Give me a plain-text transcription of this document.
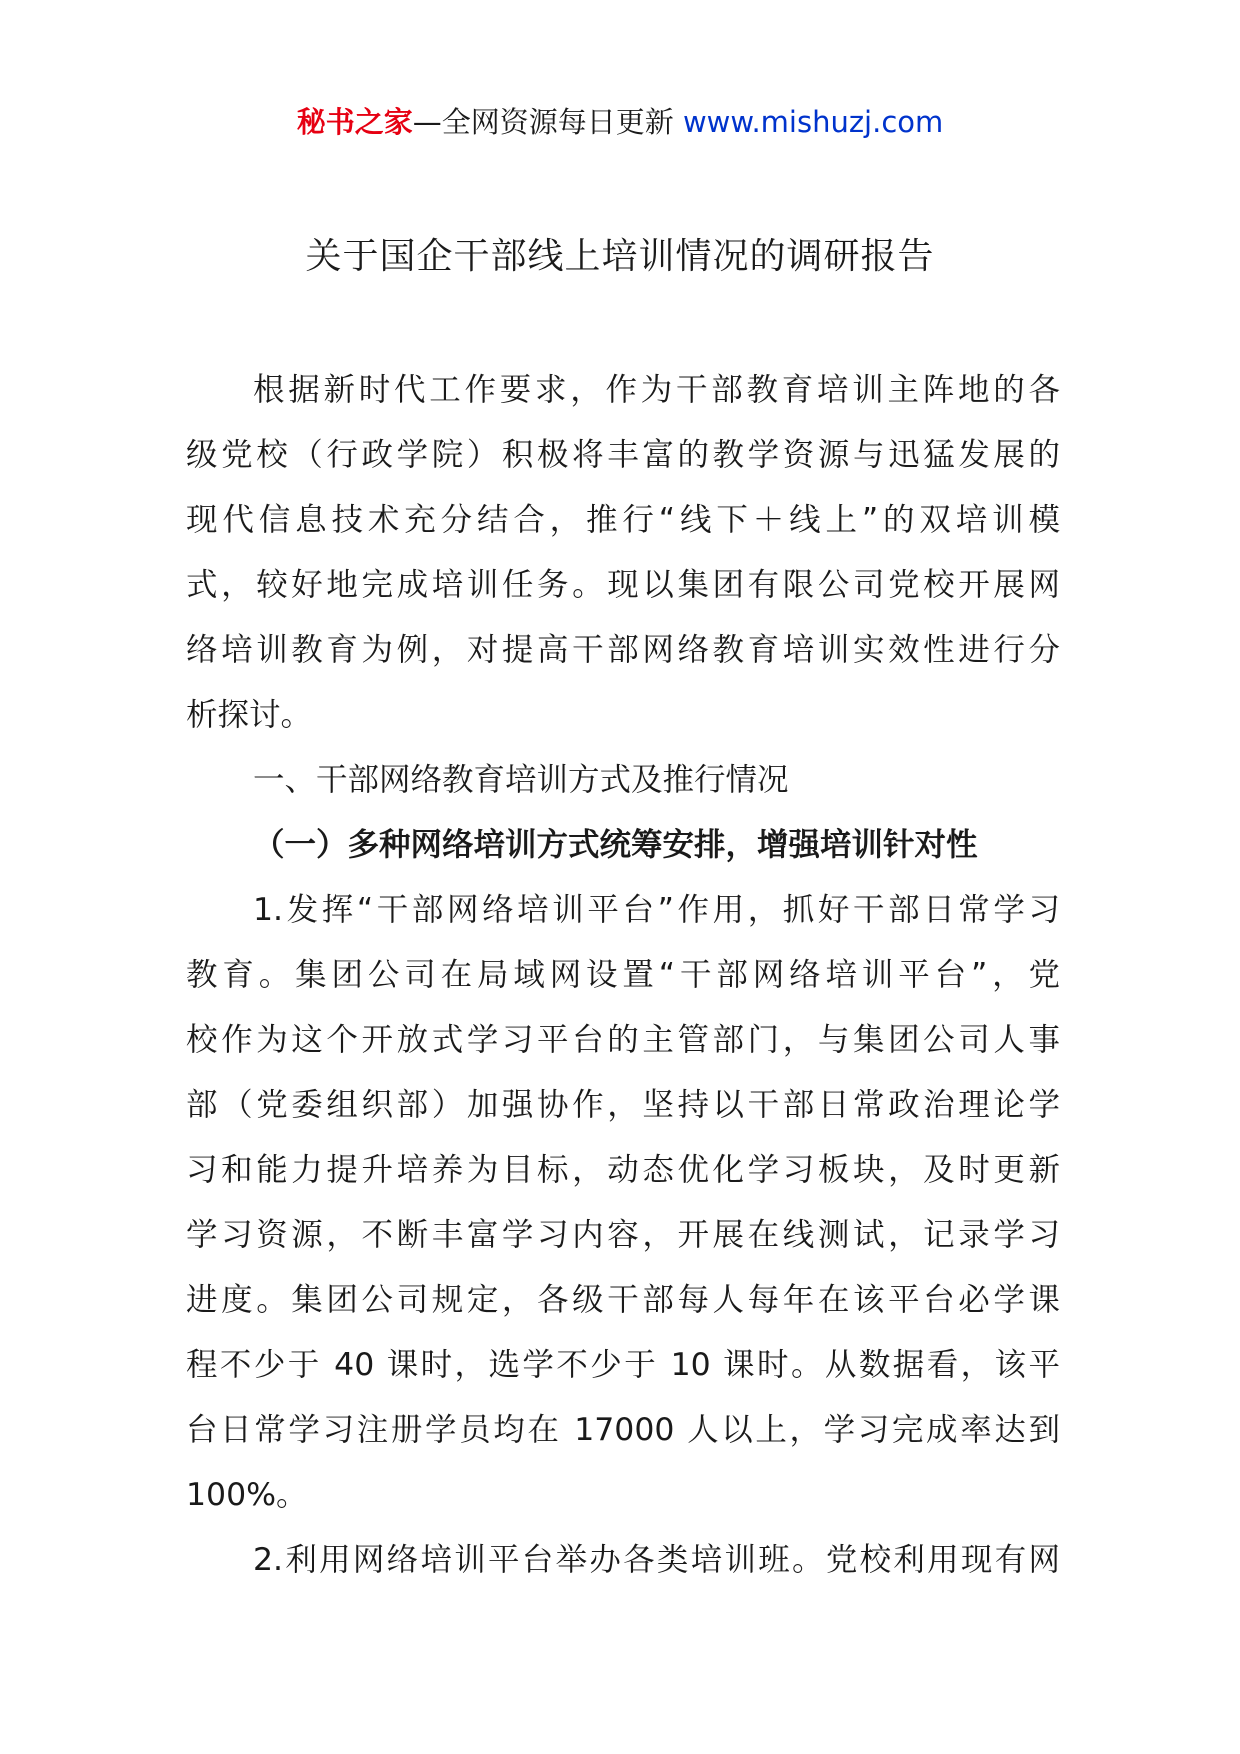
秘书之家—全网资源每日更新 www.mishuzj.com
关于国企干部线上培训情况的调研报告
根据新时代工作要求，作为干部教育培训主阵地的各
级党校（行政学院）积极将丰富的教学资源与迅猛发展的
现代信息技术充分结合，推行“线下＋线上”的双培训模
式，较好地完成培训任务。现以集团有限公司党校开展网
络培训教育为例，对提高干部网络教育培训实效性进行分
析探讨。
一、干部网络教育培训方式及推行情况
（一）多种网络培训方式统筹安排，增强培训针对性
1.发挥“干部网络培训平台”作用，抓好干部日常学习
教育。集团公司在局域网设置“干部网络培训平台”，党
校作为这个开放式学习平台的主管部门，与集团公司人事
部（党委组织部）加强协作，坚持以干部日常政治理论学
习和能力提升培养为目标，动态优化学习板块，及时更新
学习资源，不断丰富学习内容，开展在线测试，记录学习
进度。集团公司规定，各级干部每人每年在该平台必学课
程不少于 40 课时，选学不少于 10 课时。从数据看，该平
台日常学习注册学员均在 17000 人以上，学习完成率达到
100%。
2.利用网络培训平台举办各类培训班。党校利用现有网
